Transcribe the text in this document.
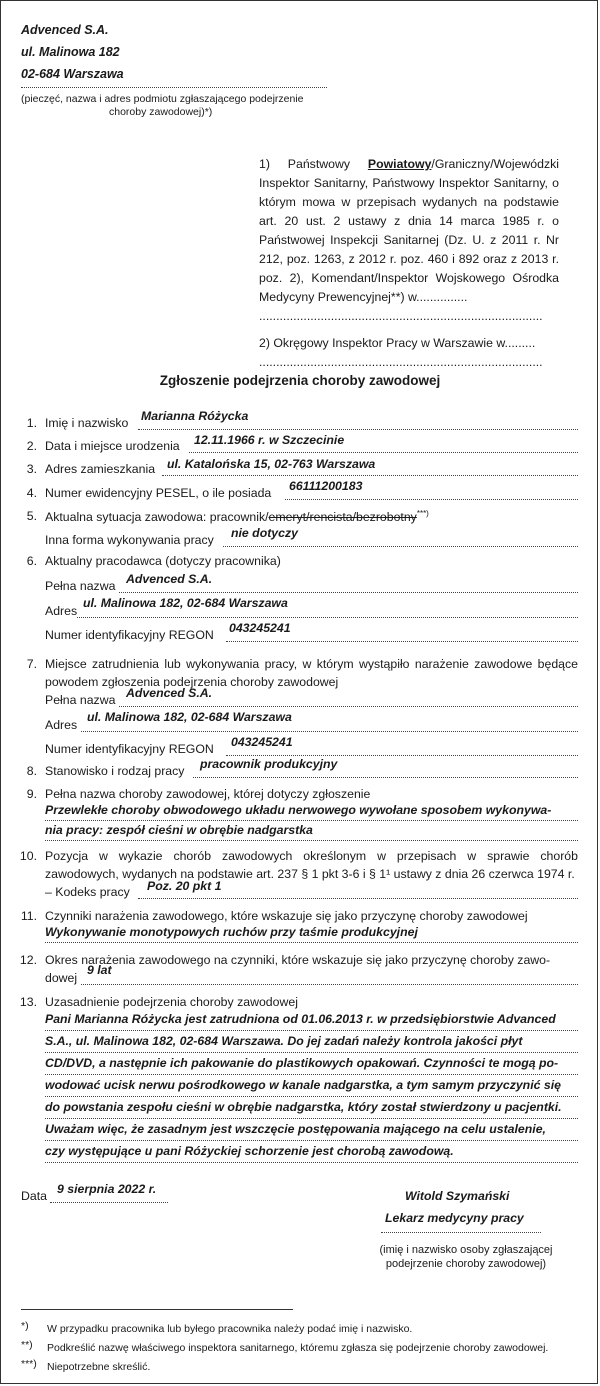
Advenced S.A.
ul. Malinowa 182
02-684 Warszawa
(pieczęć, nazwa i adres podmiotu zgłaszającego podejrzenie
choroby zawodowej)*)
1) Państwowy Powiatowy/Graniczny/Wojewódzki Inspektor Sanitarny, Państwowy Inspektor Sanitarny, o którym mowa w przepisach wydanych na podstawie art. 20 ust. 2 ustawy z dnia 14 marca 1985 r. o Państwowej Inspekcji Sanitarnej (Dz. U. z 2011 r. Nr 212, poz. 1263, z 2012 r. poz. 460 i 892 oraz z 2013 r. poz. 2), Komendant/Inspektor Wojskowego Ośrodka Medycyny Prewencyjnej**) w...............
...................................................................................
2) Okręgowy Inspektor Pracy w Warszawie w.........
...................................................................................
Zgłoszenie podejrzenia choroby zawodowej
1. Imię i nazwisko Marianna Różycka
2. Data i miejsce urodzenia 12.11.1966 r. w Szczecinie
3. Adres zamieszkania ul. Katalońska 15, 02-763 Warszawa
4. Numer ewidencyjny PESEL, o ile posiada 66111200183
5. Aktualna sytuacja zawodowa: pracownik/emeryt/rencista/bezrobotny***)
Inna forma wykonywania pracy nie dotyczy
6. Aktualny pracodawca (dotyczy pracownika)
Pełna nazwa Advenced S.A.
Adres
ul. Malinowa 182, 02-684 Warszawa
Numer identyfikacyjny REGON 043245241
7. Miejsce zatrudnienia lub wykonywania pracy, w którym wystąpiło narażenie zawodowe będące powodem zgłoszenia podejrzenia choroby zawodowej
Pełna nazwa Advenced S.A.
Adres
ul. Malinowa 182, 02-684 Warszawa
Numer identyfikacyjny REGON 043245241
8. Stanowisko i rodzaj pracy pracownik produkcyjny
9. Pełna nazwa choroby zawodowej, której dotyczy zgłoszenie
Przewlekłe choroby obwodowego układu nerwowego wywołane sposobem wykonywa-
nia pracy: zespół cieśni w obrębie nadgarstka
10. Pozycja w wykazie chorób zawodowych określonym w przepisach w sprawie chorób zawodowych, wydanych na podstawie art. 237 § 1 pkt 3-6 i § 1¹ ustawy z dnia 26 czerwca 1974 r.
– Kodeks pracy Poz. 20 pkt 1
11. Czynniki narażenia zawodowego, które wskazuje się jako przyczynę choroby zawodowej
Wykonywanie monotypowych ruchów przy taśmie produkcyjnej
12. Okres narażenia zawodowego na czynniki, które wskazuje się jako przyczynę choroby zawo-
dowej
9 lat
13. Uzasadnienie podejrzenia choroby zawodowej
Pani Marianna Różycka jest zatrudniona od 01.06.2013 r. w przedsiębiorstwie Advanced
S.A., ul. Malinowa 182, 02-684 Warszawa. Do jej zadań należy kontrola jakości płyt
CD/DVD, a następnie ich pakowanie do plastikowych opakowań. Czynności te mogą po-
wodować ucisk nerwu pośrodkowego w kanale nadgarstka, a tym samym przyczynić się
do powstania zespołu cieśni w obrębie nadgarstka, który został stwierdzony u pacjentki.
Uważam więc, że zasadnym jest wszczęcie postępowania mającego na celu ustalenie,
czy występujące u pani Różyckiej schorzenie jest chorobą zawodową.
Data 9 sierpnia 2022 r.	Witold Szymański
Lekarz medycyny pracy
(imię i nazwisko osoby zgłaszającej
podejrzenie choroby zawodowej)
*) W przypadku pracownika lub byłego pracownika należy podać imię i nazwisko.
**) Podkreślić nazwę właściwego inspektora sanitarnego, któremu zgłasza się podejrzenie choroby zawodowej.
***) Niepotrzebne skreślić.
